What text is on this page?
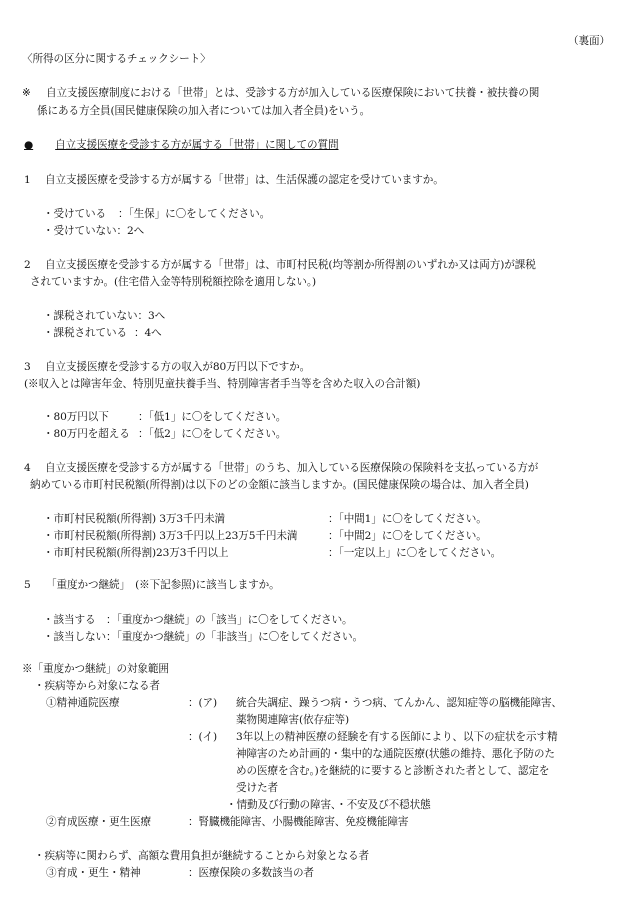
（裏面）
〈所得の区分に関するチェックシート〉
※ 自立支援医療制度における「世帯」とは、受診する方が加入している医療保険において扶養・被扶養の関
係にある方全員(国民健康保険の加入者については加入者全員)をいう。
● 自立支援医療を受診する方が属する「世帯」に関しての質問
1 自立支援医療を受診する方が属する「世帯」は、生活保護の認定を受けていますか。
・受けている ：「生保」に〇をしてください。
・受けていない：2へ
2 自立支援医療を受診する方が属する「世帯」は、市町村民税(均等割か所得割のいずれか又は両方)が課税
されていますか。(住宅借入金等特別税額控除を適用しない。)
・課税されていない：3へ
・課税されている ：4へ
3 自立支援医療を受診する方の収入が80万円以下ですか。
(※収入とは障害年金、特別児童扶養手当、特別障害者手当等を含めた収入の合計額)
・80万円以下	：「低1」に〇をしてください。
・80万円を超える ：「低2」に〇をしてください。
4 自立支援医療を受診する方が属する「世帯」のうち、加入している医療保険の保険料を支払っている方が
納めている市町村民税額(所得割)は以下のどの金額に該当しますか。(国民健康保険の場合は、加入者全員)
・市町村民税額(所得割) 3万3千円未満	：「中間1」に〇をしてください。
・市町村民税額(所得割) 3万3千円以上23万5千円未満	：「中間2」に〇をしてください。
・市町村民税額(所得割)23万3千円以上	：「一定以上」に〇をしてください。
5 「重度かつ継続」　(※下記参照)に該当しますか。
・該当する ：「重度かつ継続」の「該当」に〇をしてください。
・該当しない：「重度かつ継続」の「非該当」に〇をしてください。
※「重度かつ継続」の対象範囲
・疾病等から対象になる者
①精神通院医療	：(ア) 統合失調症、躁うつ病・うつ病、てんかん、認知症等の脳機能障害、
薬物関連障害(依存症等)
：(イ) 3年以上の精神医療の経験を有する医師により、以下の症状を示す精
神障害のため計画的・集中的な通院医療(状態の維持、悪化予防のた
めの医療を含む。)を継続的に要すると診断された者として、認定を
受けた者
・情動及び行動の障害、・不安及び不穏状態
②育成医療・更生医療	：腎臓機能障害、小腸機能障害、免疫機能障害
・疾病等に関わらず、高額な費用負担が継続することから対象となる者
③育成・更生・精神	：医療保険の多数該当の者
